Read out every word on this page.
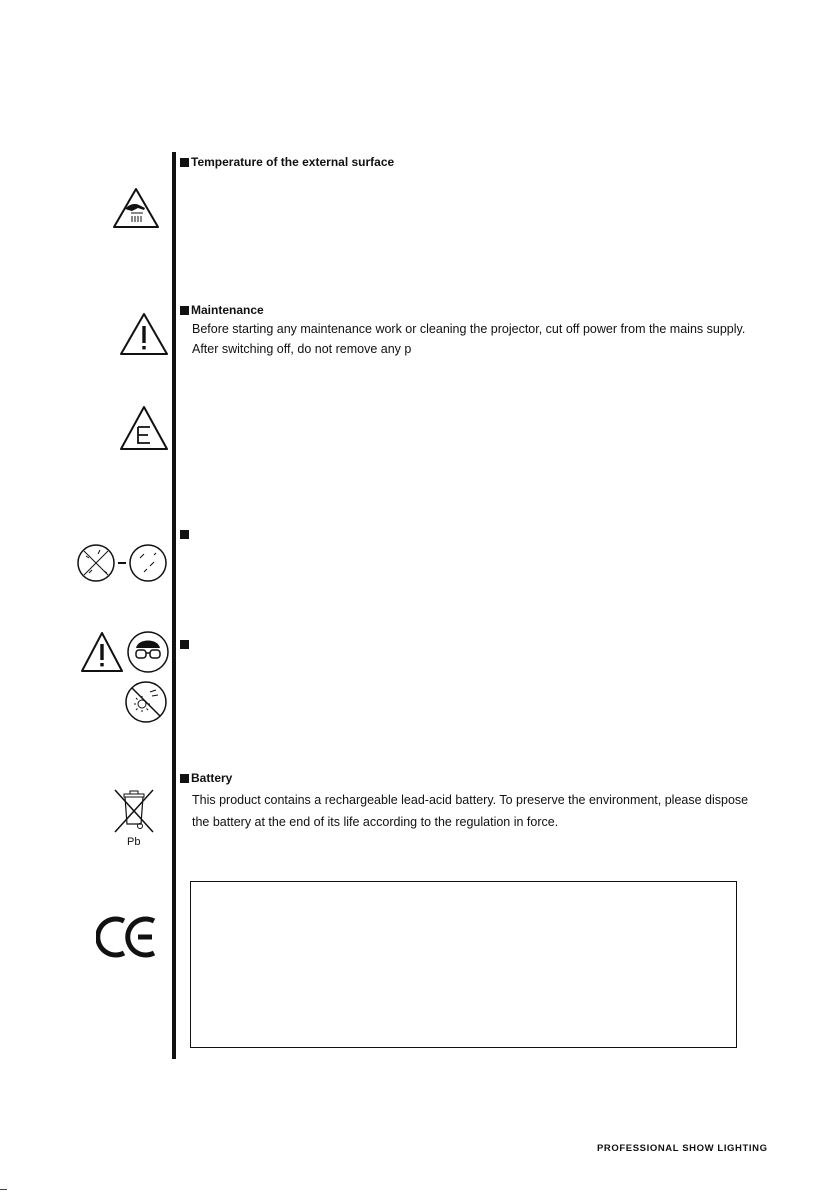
Temperature of the external surface
Maintenance
Before starting any maintenance work or cleaning the projector, cut off power from the mains supply.
After switching off, do not remove any p
Battery
This product contains a rechargeable lead-acid battery. To preserve the environment, please dispose
the battery at the end of its life according to the regulation in force.
Pb
PROFESSIONAL SHOW LIGHTING
